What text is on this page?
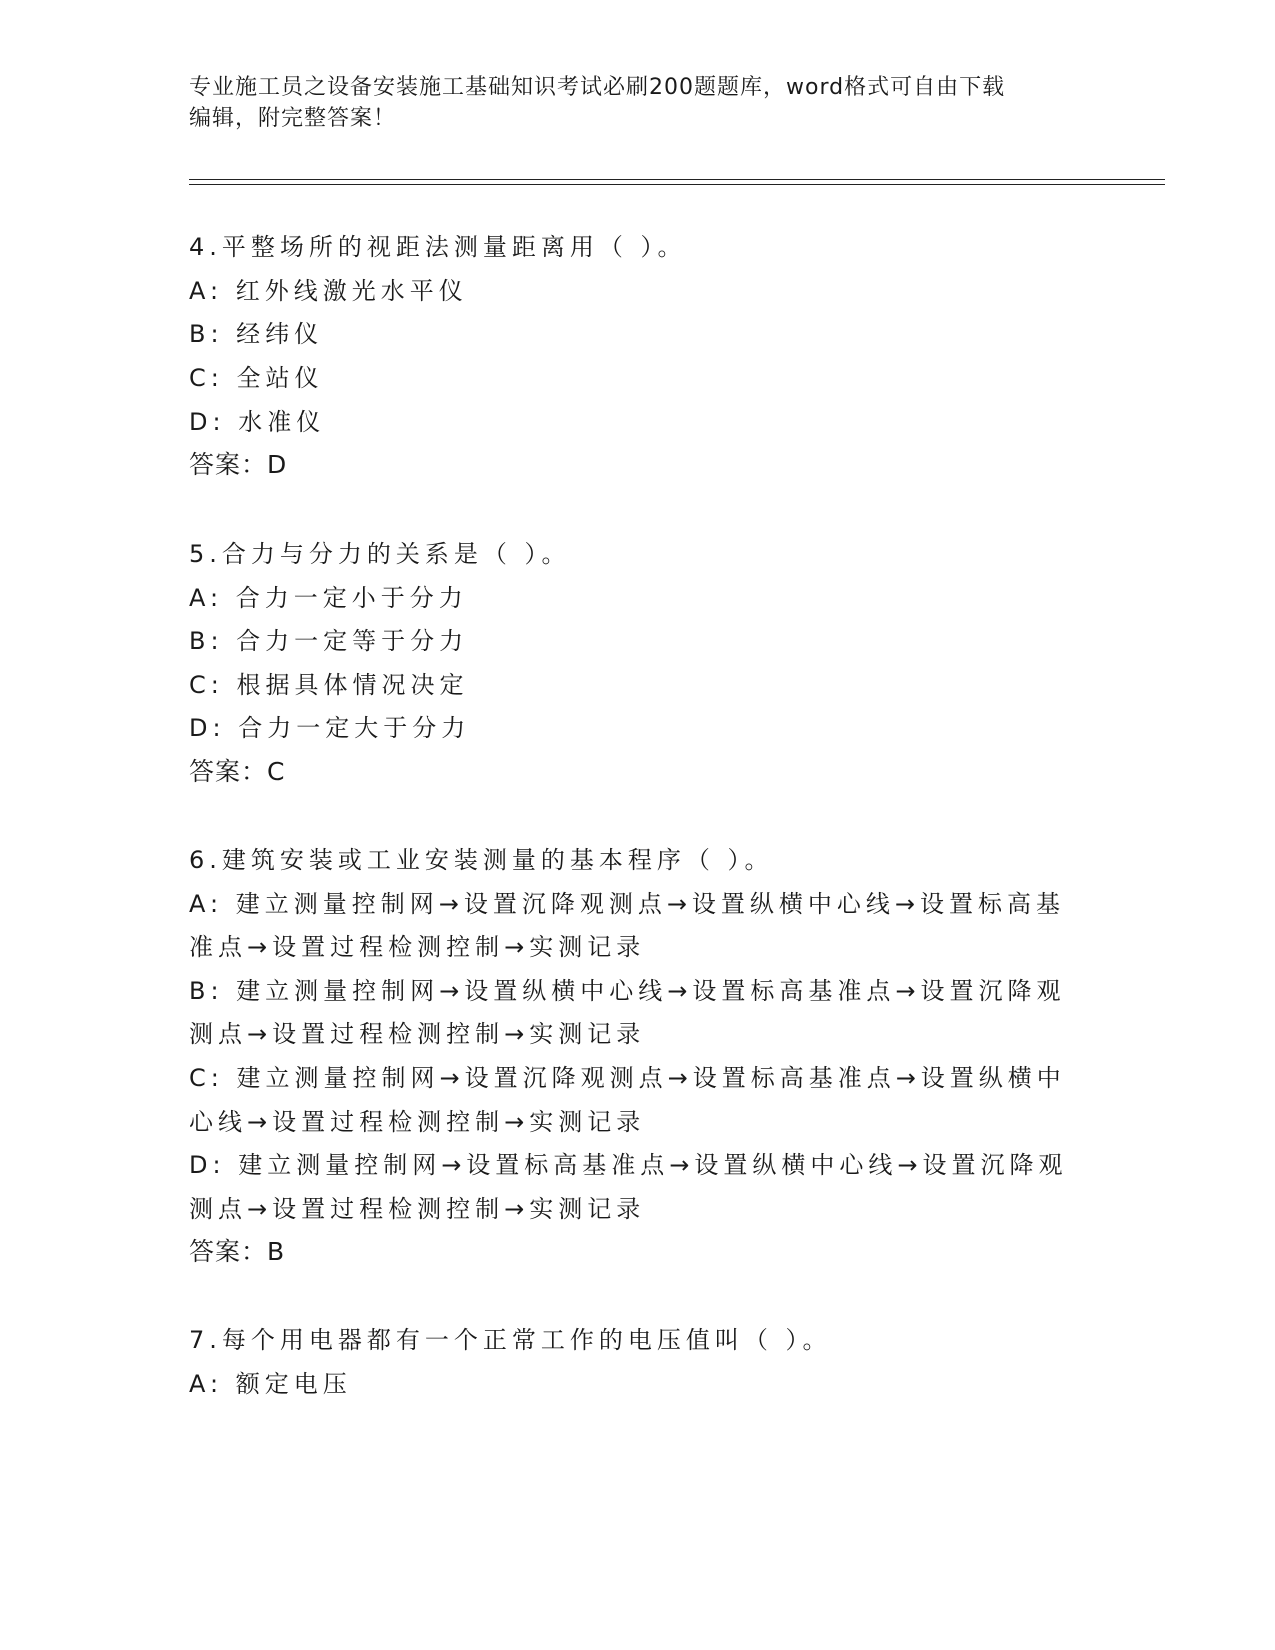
专业施工员之设备安装施工基础知识考试必刷200题题库，word格式可自由下载
编辑，附完整答案！
4.平整场所的视距法测量距离用（ ）。
A: 红外线激光水平仪
B: 经纬仪
C: 全站仪
D: 水准仪
答案：D
5.合力与分力的关系是（ ）。
A: 合力一定小于分力
B: 合力一定等于分力
C: 根据具体情况决定
D: 合力一定大于分力
答案：C
6.建筑安装或工业安装测量的基本程序（ ）。
A: 建立测量控制网→设置沉降观测点→设置纵横中心线→设置标高基
准点→设置过程检测控制→实测记录
B: 建立测量控制网→设置纵横中心线→设置标高基准点→设置沉降观
测点→设置过程检测控制→实测记录
C: 建立测量控制网→设置沉降观测点→设置标高基准点→设置纵横中
心线→设置过程检测控制→实测记录
D: 建立测量控制网→设置标高基准点→设置纵横中心线→设置沉降观
测点→设置过程检测控制→实测记录
答案：B
7.每个用电器都有一个正常工作的电压值叫（ ）。
A: 额定电压
